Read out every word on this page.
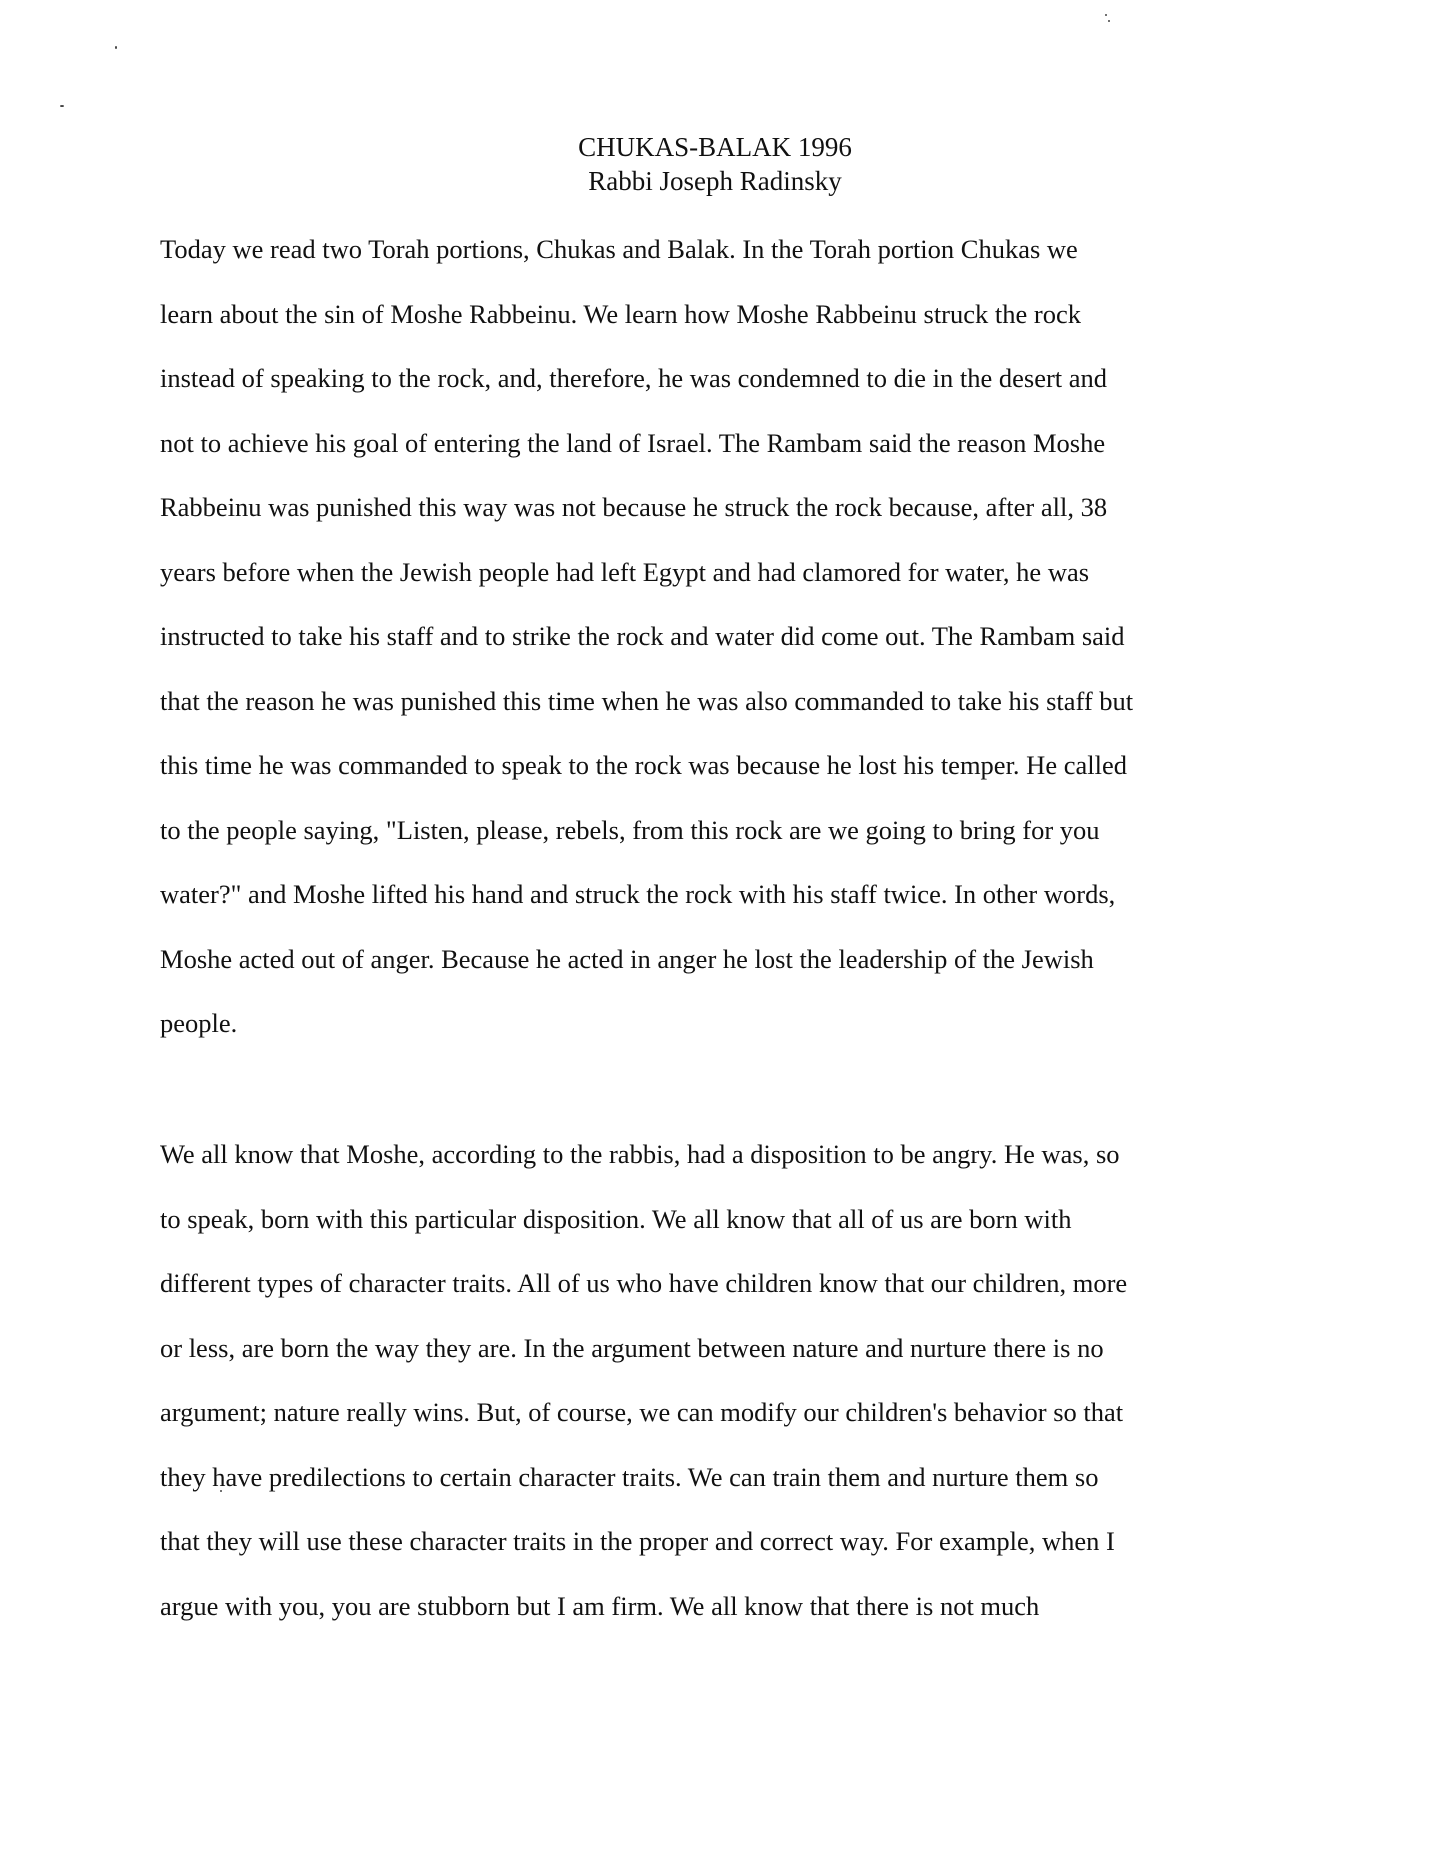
CHUKAS-BALAK 1996
Rabbi Joseph Radinsky
Today we read two Torah portions, Chukas and Balak. In the Torah portion Chukas we
learn about the sin of Moshe Rabbeinu. We learn how Moshe Rabbeinu struck the rock
instead of speaking to the rock, and, therefore, he was condemned to die in the desert and
not to achieve his goal of entering the land of Israel. The Rambam said the reason Moshe
Rabbeinu was punished this way was not because he struck the rock because, after all, 38
years before when the Jewish people had left Egypt and had clamored for water, he was
instructed to take his staff and to strike the rock and water did come out. The Rambam said
that the reason he was punished this time when he was also commanded to take his staff but
this time he was commanded to speak to the rock was because he lost his temper. He called
to the people saying, "Listen, please, rebels, from this rock are we going to bring for you
water?" and Moshe lifted his hand and struck the rock with his staff twice. In other words,
Moshe acted out of anger. Because he acted in anger he lost the leadership of the Jewish
people.
We all know that Moshe, according to the rabbis, had a disposition to be angry. He was, so
to speak, born with this particular disposition. We all know that all of us are born with
different types of character traits. All of us who have children know that our children, more
or less, are born the way they are. In the argument between nature and nurture there is no
argument; nature really wins. But, of course, we can modify our children's behavior so that
they have predilections to certain character traits. We can train them and nurture them so
that they will use these character traits in the proper and correct way. For example, when I
argue with you, you are stubborn but I am firm. We all know that there is not much
